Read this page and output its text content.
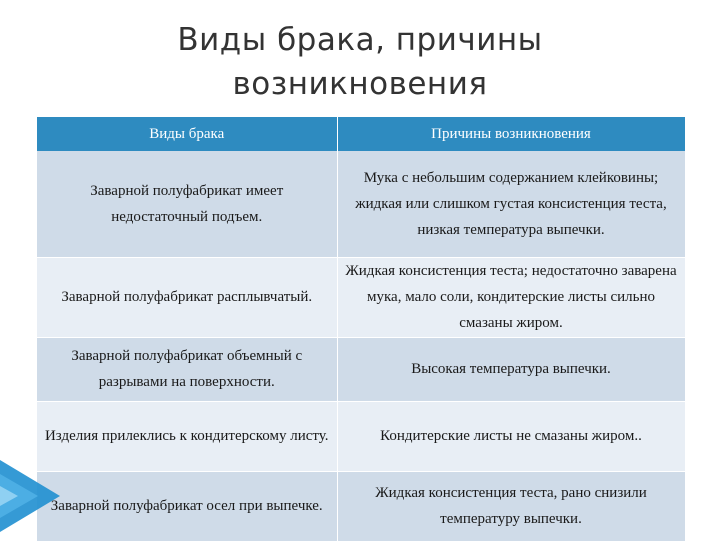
Виды брака, причины
возникновения
Виды брака	Причины возникновения
Заварной полуфабрикат имеет недостаточный подъем.	Мука с небольшим содержанием клейковины; жидкая или слишком густая консистенция теста, низкая температура выпечки.
Заварной полуфабрикат расплывчатый.	Жидкая консистенция теста; недостаточно заварена мука, мало соли, кондитерские листы сильно смазаны жиром.
Заварной полуфабрикат объемный с разрывами на поверхности.	Высокая температура выпечки.
Изделия прилеклись к кондитерскому листу.	Кондитерские листы не смазаны жиром..
Заварной полуфабрикат осел при выпечке.	Жидкая консистенция теста, рано снизили температуру выпечки.
